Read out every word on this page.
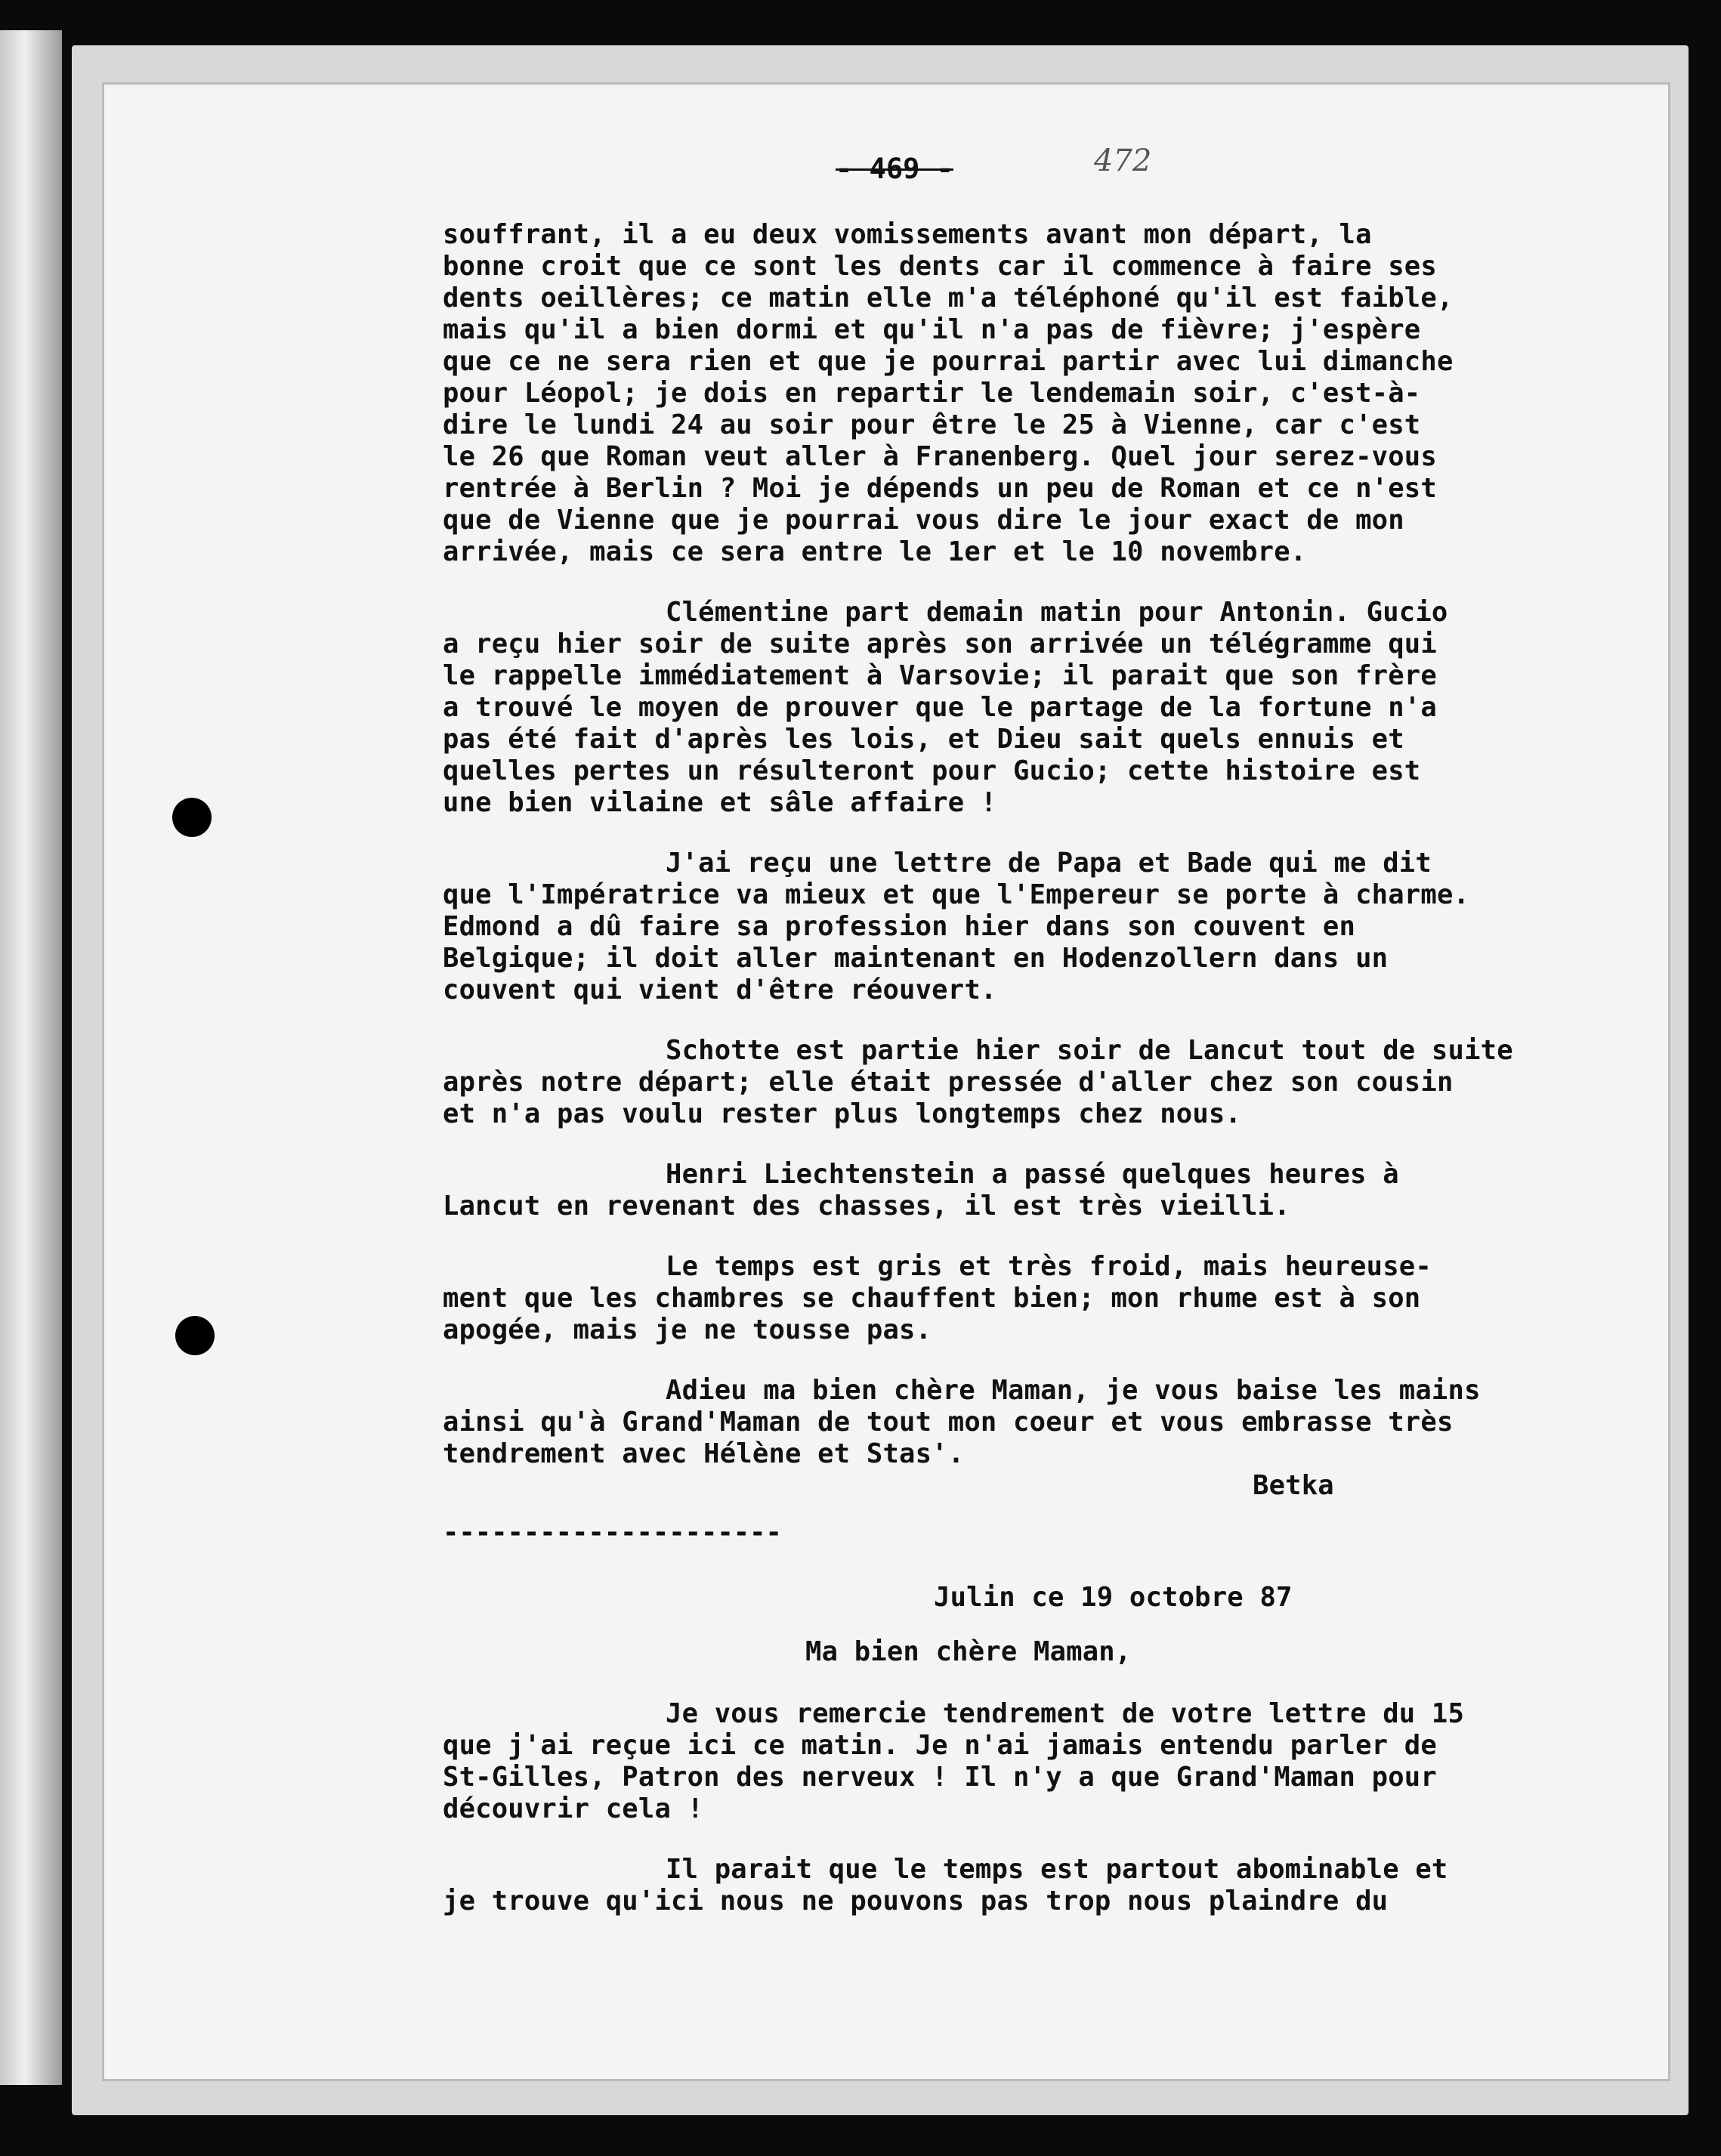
- 469 -	472
souffrant, il a eu deux vomissements avant mon départ, la
bonne croit que ce sont les dents car il commence à faire ses
dents oeillères; ce matin elle m'a téléphoné qu'il est faible,
mais qu'il a bien dormi et qu'il n'a pas de fièvre; j'espère
que ce ne sera rien et que je pourrai partir avec lui dimanche
pour Léopol; je dois en repartir le lendemain soir, c'est-à-
dire le lundi 24 au soir pour être le 25 à Vienne, car c'est
le 26 que Roman veut aller à Franenberg. Quel jour serez-vous
rentrée à Berlin ? Moi je dépends un peu de Roman et ce n'est
que de Vienne que je pourrai vous dire le jour exact de mon
arrivée, mais ce sera entre le 1er et le 10 novembre.
Clémentine part demain matin pour Antonin. Gucio
a reçu hier soir de suite après son arrivée un télégramme qui
le rappelle immédiatement à Varsovie; il parait que son frère
a trouvé le moyen de prouver que le partage de la fortune n'a
pas été fait d'après les lois, et Dieu sait quels ennuis et
quelles pertes un résulteront pour Gucio; cette histoire est
une bien vilaine et sâle affaire !
J'ai reçu une lettre de Papa et Bade qui me dit
que l'Impératrice va mieux et que l'Empereur se porte à charme.
Edmond a dû faire sa profession hier dans son couvent en
Belgique; il doit aller maintenant en Hodenzollern dans un
couvent qui vient d'être réouvert.
Schotte est partie hier soir de Lancut tout de suite
après notre départ; elle était pressée d'aller chez son cousin
et n'a pas voulu rester plus longtemps chez nous.
Henri Liechtenstein a passé quelques heures à
Lancut en revenant des chasses, il est très vieilli.
Le temps est gris et très froid, mais heureuse-
ment que les chambres se chauffent bien; mon rhume est à son
apogée, mais je ne tousse pas.
Adieu ma bien chère Maman, je vous baise les mains
ainsi qu'à Grand'Maman de tout mon coeur et vous embrasse très
tendrement avec Hélène et Stas'.
Betka
---------------------
Julin ce 19 octobre 87
Ma bien chère Maman,
Je vous remercie tendrement de votre lettre du 15
que j'ai reçue ici ce matin. Je n'ai jamais entendu parler de
St-Gilles, Patron des nerveux ! Il n'y a que Grand'Maman pour
découvrir cela !
Il parait que le temps est partout abominable et
je trouve qu'ici nous ne pouvons pas trop nous plaindre du
